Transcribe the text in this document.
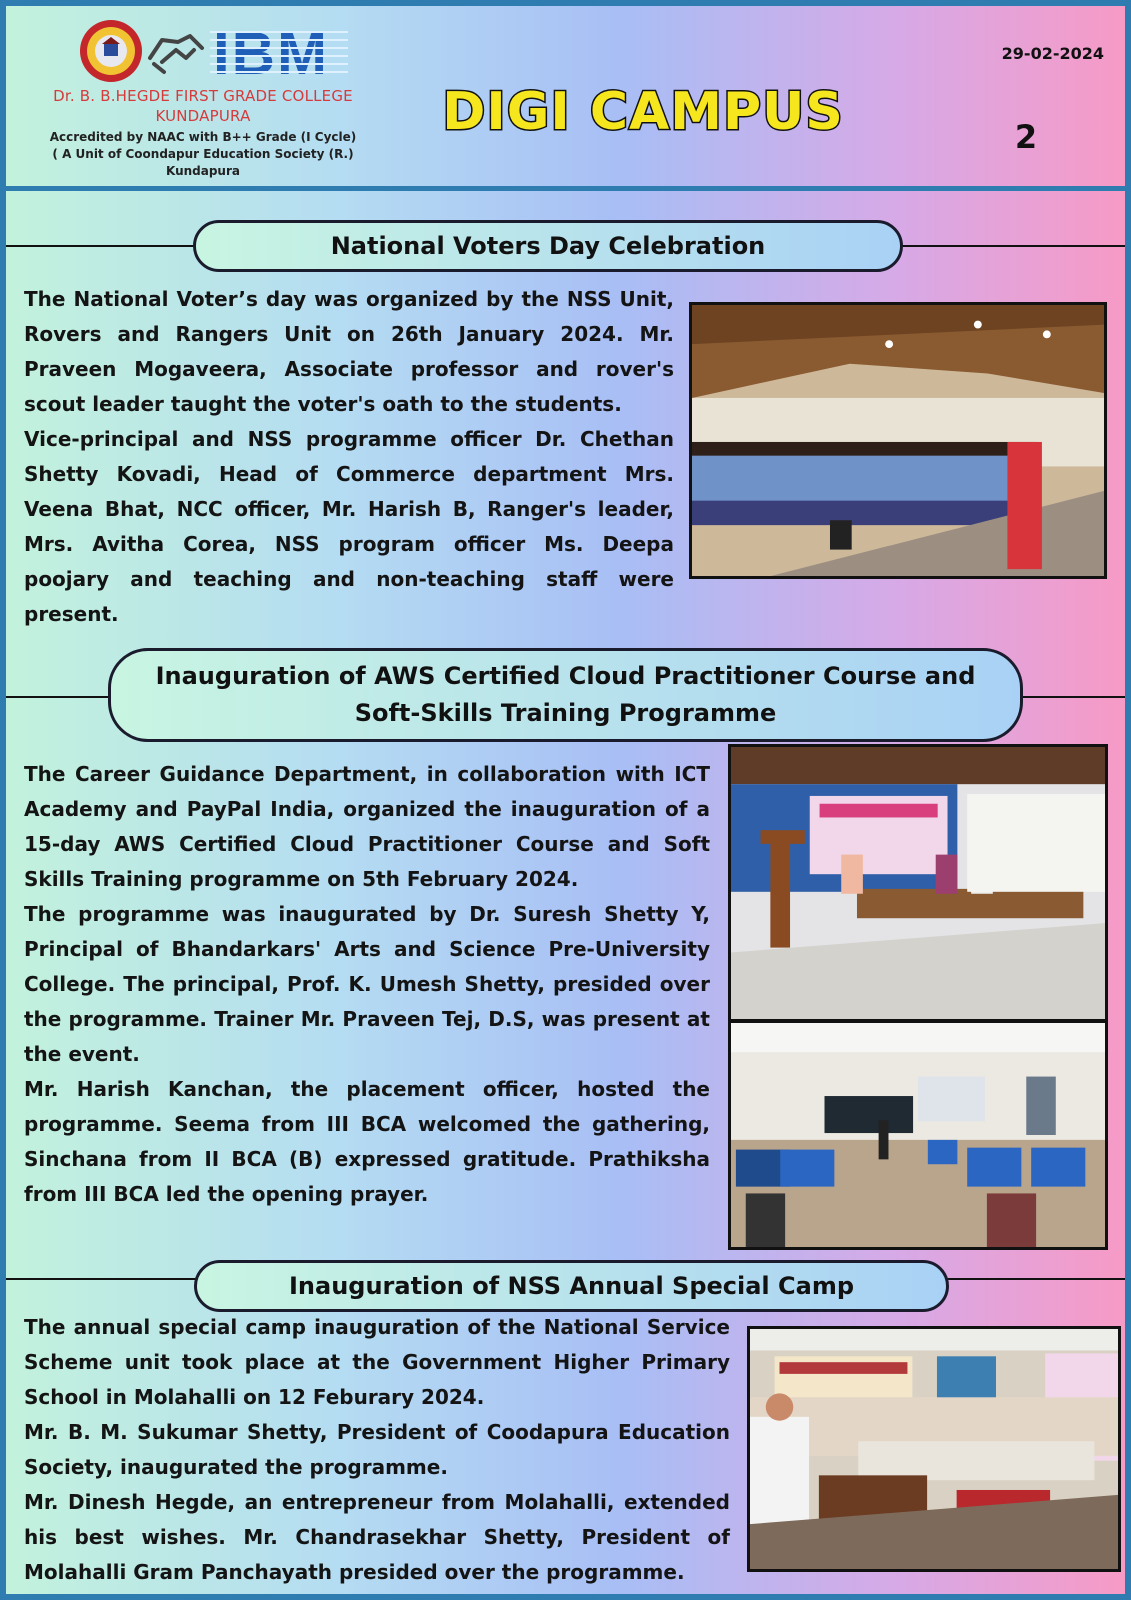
IBM
Dr. B. B.HEGDE FIRST GRADE COLLEGE
KUNDAPURA
Accredited by NAAC with B++ Grade (I Cycle)
( A Unit of Coondapur Education Society (R.)
Kundapura
DIGI CAMPUS
29-02-2024
2
National Voters Day Celebration

The National Voter’s day was organized by the NSS Unit, Rovers and Rangers Unit on 26th January 2024. Mr. Praveen Mogaveera, Associate professor and rover's scout leader taught the voter's oath to the students.

Vice-principal and NSS programme officer Dr. Chethan Shetty Kovadi, Head of Commerce department Mrs. Veena Bhat, NCC officer, Mr. Harish B, Ranger's leader, Mrs. Avitha Corea, NSS program officer Ms. Deepa poojary and teaching and non-teaching staff were present.

Inauguration of AWS Certified Cloud Practitioner Course and
Soft-Skills Training Programme

The Career Guidance Department, in collaboration with ICT Academy and PayPal India, organized the inauguration of a 15-day AWS Certified Cloud Practitioner Course and Soft Skills Training programme on 5th February 2024.

The programme was inaugurated by Dr. Suresh Shetty Y, Principal of Bhandarkars' Arts and Science Pre-University College. The principal, Prof. K. Umesh Shetty, presided over the programme. Trainer Mr. Praveen Tej, D.S, was present at the event.

Mr. Harish Kanchan, the placement officer, hosted the programme. Seema from III BCA welcomed the gathering, Sinchana from II BCA (B) expressed gratitude. Prathiksha from III BCA led the opening prayer.

Inauguration of NSS Annual Special Camp

The annual special camp inauguration of the National Service Scheme unit took place at the Government Higher Primary School in Molahalli on 12 Feburary 2024.

Mr. B. M. Sukumar Shetty, President of Coodapura Education Society, inaugurated the programme.

Mr. Dinesh Hegde, an entrepreneur from Molahalli, extended his best wishes. Mr. Chandrasekhar Shetty, President of Molahalli Gram Panchayath presided over the programme.
